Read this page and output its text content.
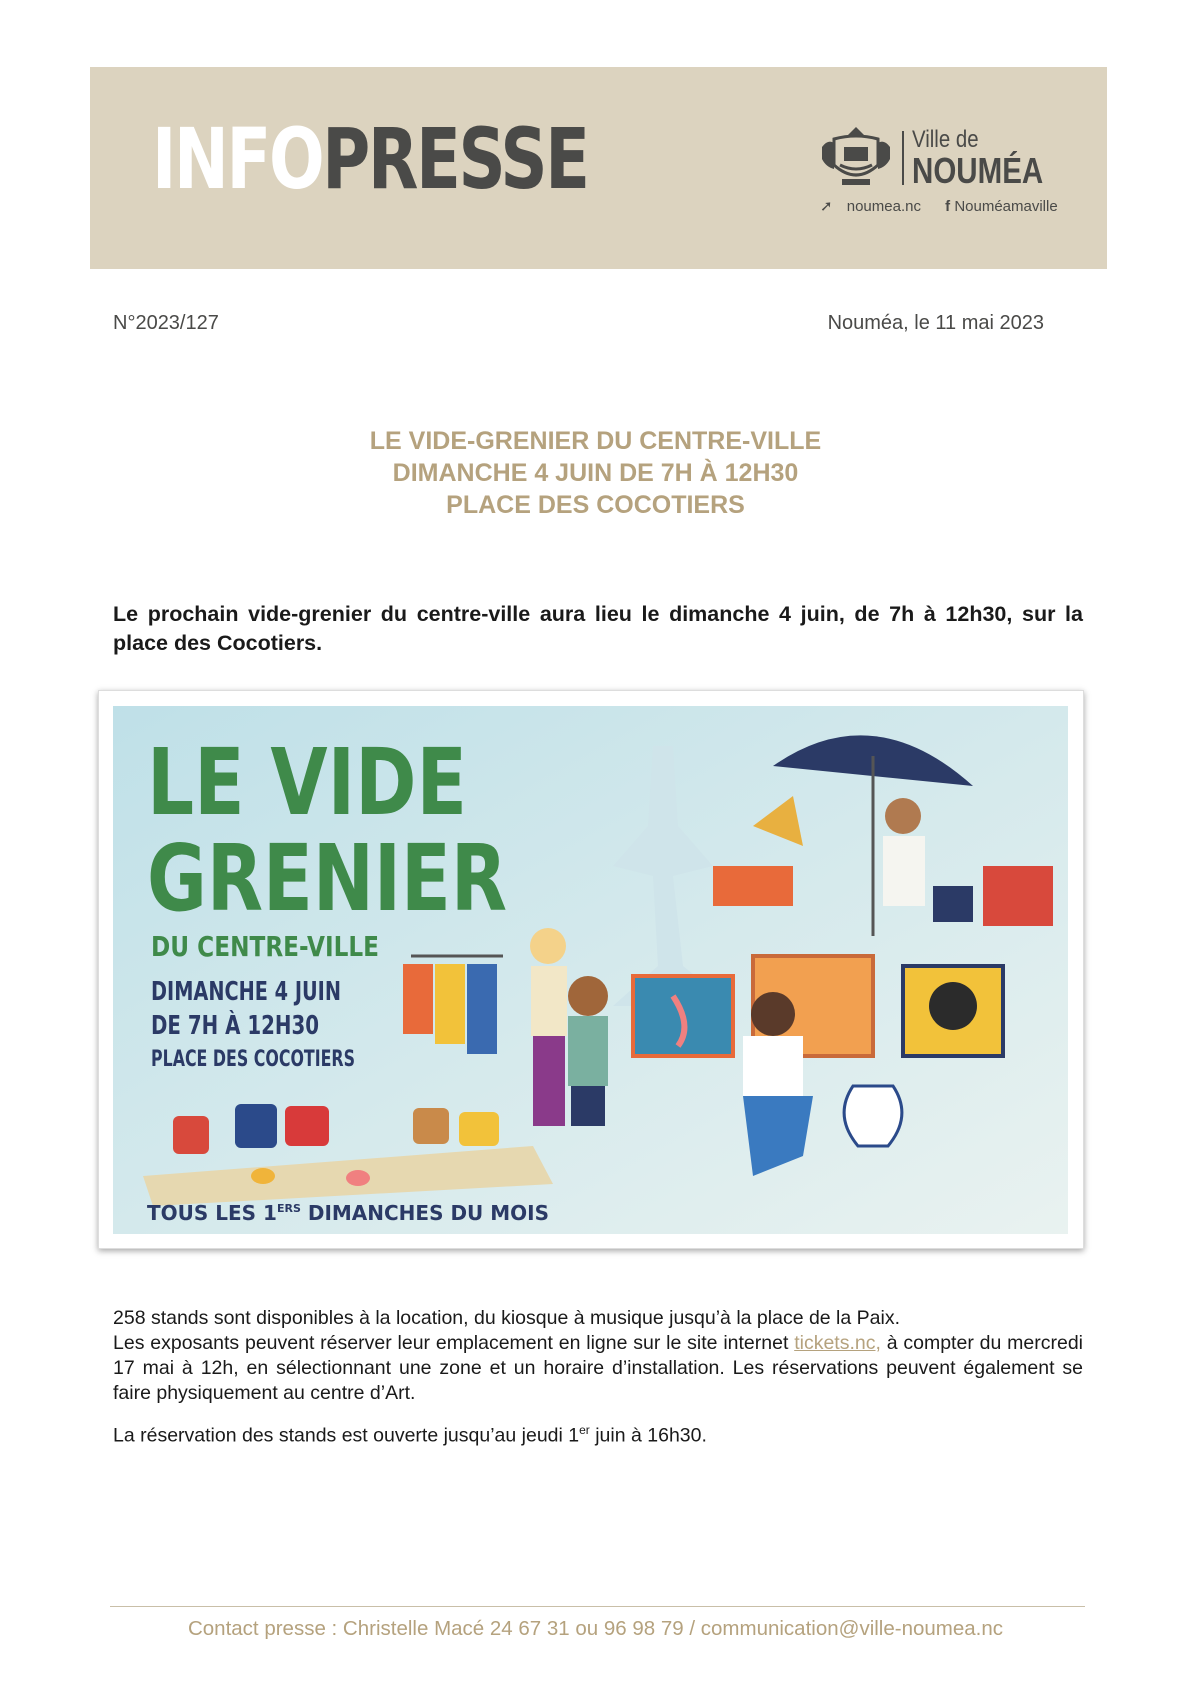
INFOPRESSE	Ville de
NOUMÉA
➚ noumea.nc f Nouméamaville
N°2023/127	Nouméa, le 11 mai 2023
LE VIDE-GRENIER DU CENTRE-VILLE
DIMANCHE 4 JUIN DE 7H À 12H30
PLACE DES COCOTIERS
Le prochain vide-grenier du centre-ville aura lieu le dimanche 4 juin, de 7h à 12h30, sur la place des Cocotiers.
LE VIDE
GRENIER
DU CENTRE-VILLE
DIMANCHE 4 JUIN
DE 7H À 12H30
PLACE DES COCOTIERS
TOUS LES 1ERS DIMANCHES DU MOIS

258 stands sont disponibles à la location, du kiosque à musique jusqu’à la place de la Paix.
Les exposants peuvent réserver leur emplacement en ligne sur le site internet tickets.nc, à compter du mercredi 17 mai à 12h, en sélectionnant une zone et un horaire d’installation. Les réservations peuvent également se faire physiquement au centre d’Art.

La réservation des stands est ouverte jusqu’au jeudi 1er juin à 16h30.

Contact presse : Christelle Macé 24 67 31 ou 96 98 79 / communication@ville-noumea.nc
